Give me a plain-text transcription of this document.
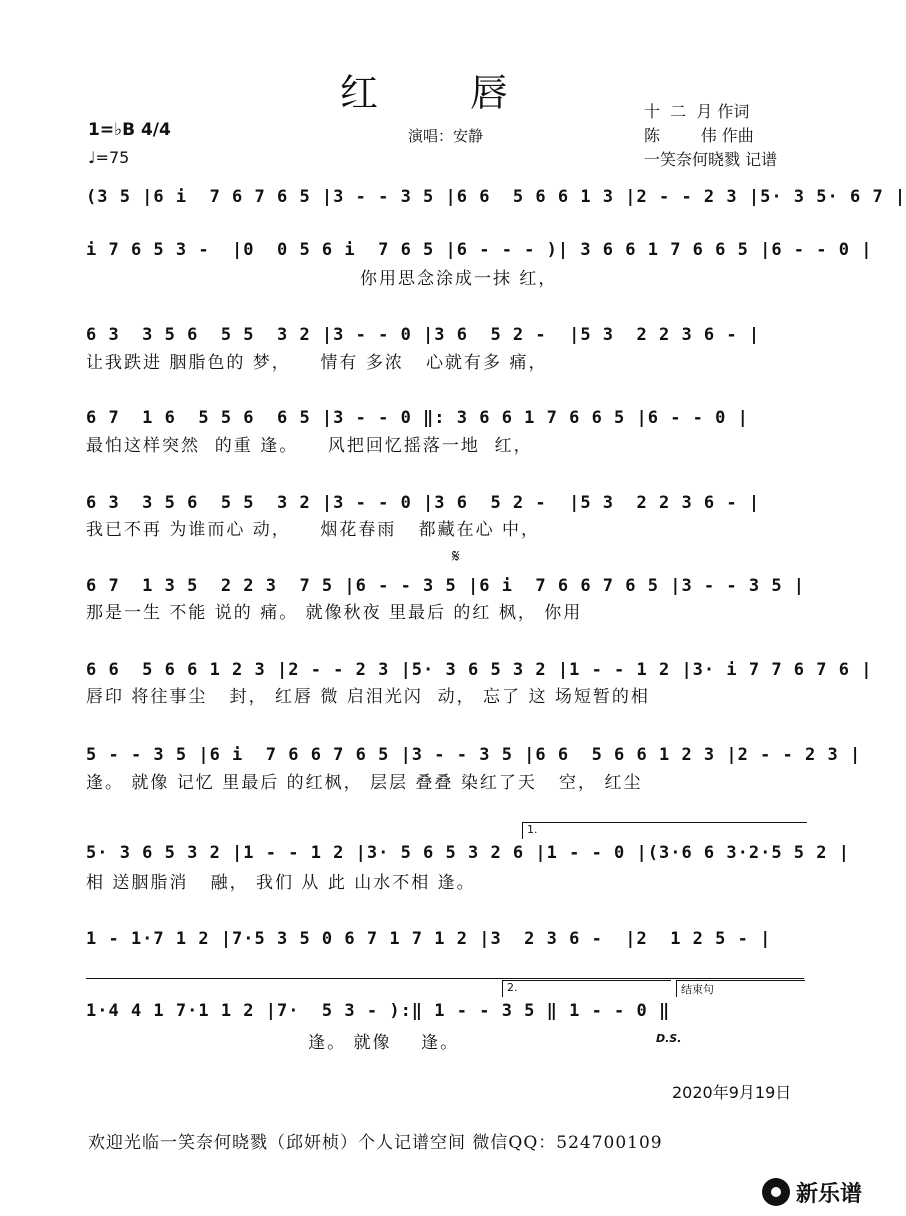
红 唇	十  二  月 作词
陈        伟 作曲
一笑奈何晓戮 记谱
1=♭B 4/4
♩=75
演唱：安静
(3 5 |6 i  7 6 7 6 5 |3 - - 3 5 |6 6  5 6 6 1 3 |2 - - 2 3 |5· 3 5· 6 7 |
i 7 6 5 3 -  |0  0 5 6 i  7 6 5 |6 - - - )| 3 6 6 1 7 6 6 5 |6 - - 0 |
你用思念涂成一抹 红，
6 3  3 5 6  5 5  3 2 |3 - - 0 |3 6  5 2 -  |5 3  2 2 3 6 - |
让我跌进 胭脂色的 梦，    情有 多浓   心就有多 痛，
6 7  1 6  5 5 6  6 5 |3 - - 0 ‖: 3 6 6 1 7 6 6 5 |6 - - 0 |
最怕这样突然  的重 逢。    风把回忆摇落一地  红，
6 3  3 5 6  5 5  3 2 |3 - - 0 |3 6  5 2 -  |5 3  2 2 3 6 - |
我已不再 为谁而心 动，    烟花春雨   都藏在心 中，
𝄋
6 7  1 3 5  2 2 3  7 5 |6 - - 3 5 |6 i  7 6 6 7 6 5 |3 - - 3 5 |
那是一生 不能 说的 痛。 就像秋夜 里最后 的红 枫， 你用
6 6  5 6 6 1 2 3 |2 - - 2 3 |5· 3 6 5 3 2 |1 - - 1 2 |3· i 7 7 6 7 6 |
唇印 将往事尘   封， 红唇 微 启泪光闪  动， 忘了 这 场短暂的相
5 - - 3 5 |6 i  7 6 6 7 6 5 |3 - - 3 5 |6 6  5 6 6 1 2 3 |2 - - 2 3 |
逢。 就像 记忆 里最后 的红枫， 层层 叠叠 染红了天   空， 红尘
1.
5· 3 6 5 3 2 |1 - - 1 2 |3· 5 6 5 3 2 6 |1 - - 0 |(3·6 6 3·2·5 5 2 |
相 送胭脂消   融， 我们 从 此 山水不相 逢。
1 - 1·7 1 2 |7·5 3 5 0 6 7 1 7 1 2 |3  2 3 6 -  |2  1 2 5 - |
2.	结束句
1·4 4 1 7·1 1 2 |7·  5 3 - ):‖ 1 - - 3 5 ‖ 1 - - 0 ‖
逢。 就像    逢。	D.S.
2020年9月19日
欢迎光临一笑奈何晓戮（邱妍桢）个人记谱空间 微信QQ：524700109
新乐谱
